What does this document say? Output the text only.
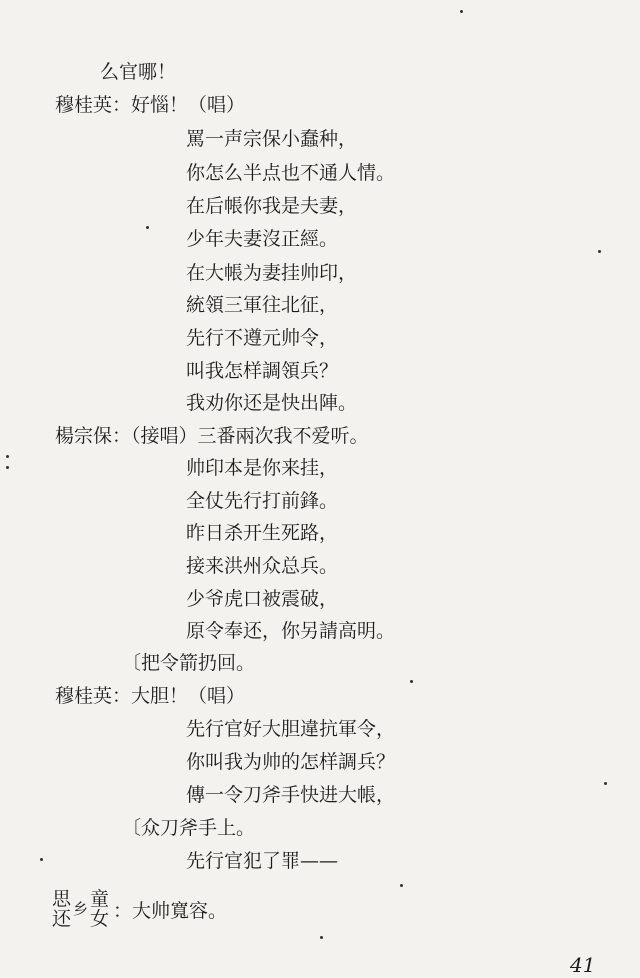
么官哪！
穆桂英：好惱！（唱）
罵一声宗保小蠢种，
你怎么半点也不通人情。
在后帳你我是夫妻，
少年夫妻沒正經。
在大帳为妻挂帅印，
統領三軍往北征，
先行不遵元帅令，
叫我怎样調領兵？
我劝你还是快出陣。
楊宗保：（接唱）三番兩次我不爱听。
帅印本是你来挂，
全仗先行打前鋒。
昨日杀开生死路，
接来洪州众总兵。
少爷虎口被震破，
原令奉还，你另請高明。
〔把令箭扔回。
穆桂英：大胆！（唱）
先行官好大胆違抗軍令，
你叫我为帅的怎样調兵？
傳一令刀斧手快进大帳，
〔众刀斧手上。
先行官犯了罪——
思
还 乡 童
女 ：大帅寬容。
41
